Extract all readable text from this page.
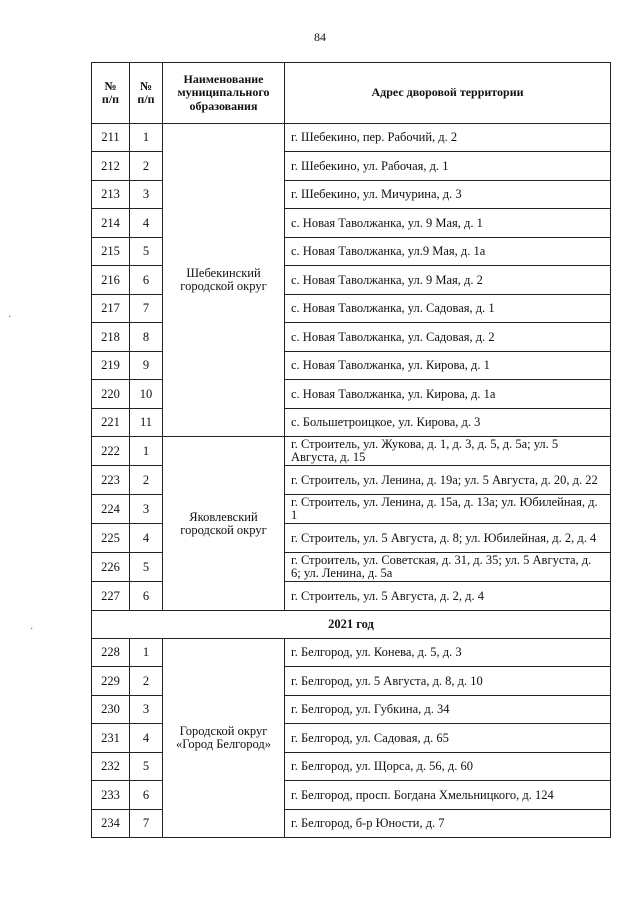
84
№ п/п	№ п/п	Наименование муниципального образования	Адрес дворовой территории
211	1	Шебекинский городской округ	г. Шебекино, пер. Рабочий, д. 2
212	2		г. Шебекино, ул. Рабочая, д. 1
213	3		г. Шебекино, ул. Мичурина, д. 3
214	4		с. Новая Таволжанка, ул. 9 Мая, д. 1
215	5		с. Новая Таволжанка, ул.9 Мая, д. 1а
216	6		с. Новая Таволжанка, ул. 9 Мая, д. 2
217	7		с. Новая Таволжанка, ул. Садовая, д. 1
218	8		с. Новая Таволжанка, ул. Садовая, д. 2
219	9		с. Новая Таволжанка, ул. Кирова, д. 1
220	10		с. Новая Таволжанка, ул. Кирова, д. 1а
221	11		с. Большетроицкое, ул. Кирова, д. 3
222	1	Яковлевский городской округ	г. Строитель, ул. Жукова, д. 1, д. 3, д. 5, д. 5а; ул. 5 Августа, д. 15
223	2		г. Строитель, ул. Ленина, д. 19а; ул. 5 Августа, д. 20, д. 22
224	3		г. Строитель, ул. Ленина, д. 15а, д. 13а; ул. Юбилейная, д. 1
225	4		г. Строитель, ул. 5 Августа, д. 8; ул. Юбилейная, д. 2, д. 4
226	5		г. Строитель, ул. Советская, д. 31, д. 35; ул. 5 Августа, д. 6; ул. Ленина, д. 5а
227	6		г. Строитель, ул. 5 Августа, д. 2, д. 4
2021 год			
228	1	Городской округ «Город Белгород»	г. Белгород, ул. Конева, д. 5, д. 3
229	2		г. Белгород, ул. 5 Августа, д. 8, д. 10
230	3		г. Белгород, ул. Губкина, д. 34
231	4		г. Белгород, ул. Садовая, д. 65
232	5		г. Белгород, ул. Щорса, д. 56, д. 60
233	6		г. Белгород, просп. Богдана Хмельницкого, д. 124
234	7		г. Белгород, б-р Юности, д. 7
·
·
